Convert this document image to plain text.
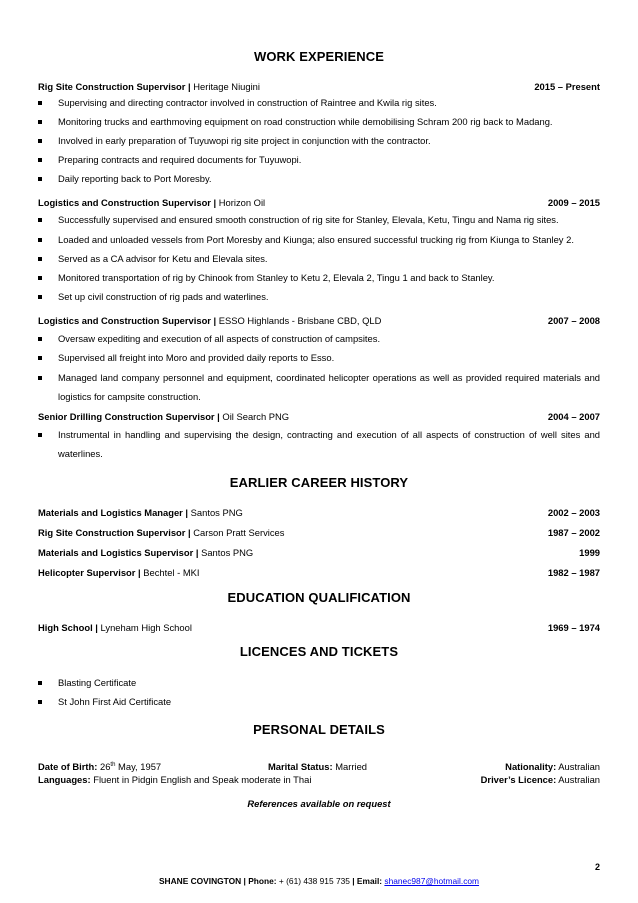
WORK EXPERIENCE
Rig Site Construction Supervisor | Heritage Niugini	2015 – Present
Supervising and directing contractor involved in construction of Raintree and Kwila rig sites.
Monitoring trucks and earthmoving equipment on road construction while demobilising Schram 200 rig back to Madang.
Involved in early preparation of Tuyuwopi rig site project in conjunction with the contractor.
Preparing contracts and required documents for Tuyuwopi.
Daily reporting back to Port Moresby.
Logistics and Construction Supervisor | Horizon Oil	2009 – 2015
Successfully supervised and ensured smooth construction of rig site for Stanley, Elevala, Ketu, Tingu and Nama rig sites.
Loaded and unloaded vessels from Port Moresby and Kiunga; also ensured successful trucking rig from Kiunga to Stanley 2.
Served as a CA advisor for Ketu and Elevala sites.
Monitored transportation of rig by Chinook from Stanley to Ketu 2, Elevala 2, Tingu 1 and back to Stanley.
Set up civil construction of rig pads and waterlines.
Logistics and Construction Supervisor | ESSO Highlands - Brisbane CBD, QLD	2007 – 2008
Oversaw expediting and execution of all aspects of construction of campsites.
Supervised all freight into Moro and provided daily reports to Esso.
Managed land company personnel and equipment, coordinated helicopter operations as well as provided required materials and logistics for campsite construction.
Senior Drilling Construction Supervisor | Oil Search PNG	2004 – 2007
Instrumental in handling and supervising the design, contracting and execution of all aspects of construction of well sites and waterlines.
EARLIER CAREER HISTORY
Materials and Logistics Manager | Santos PNG	2002 – 2003
Rig Site Construction Supervisor | Carson Pratt Services	1987 – 2002
Materials and Logistics Supervisor | Santos PNG	1999
Helicopter Supervisor | Bechtel - MKI	1982 – 1987
EDUCATION QUALIFICATION
High School | Lyneham High School	1969 – 1974
LICENCES AND TICKETS
Blasting Certificate
St John First Aid Certificate
PERSONAL DETAILS
Date of Birth: 26th May, 1957	Marital Status: Married	Nationality: Australian
Languages: Fluent in Pidgin English and Speak moderate in Thai	Driver’s Licence: Australian
References available on request
2
SHANE COVINGTON | Phone: + (61) 438 915 735 | Email: shanec987@hotmail.com
